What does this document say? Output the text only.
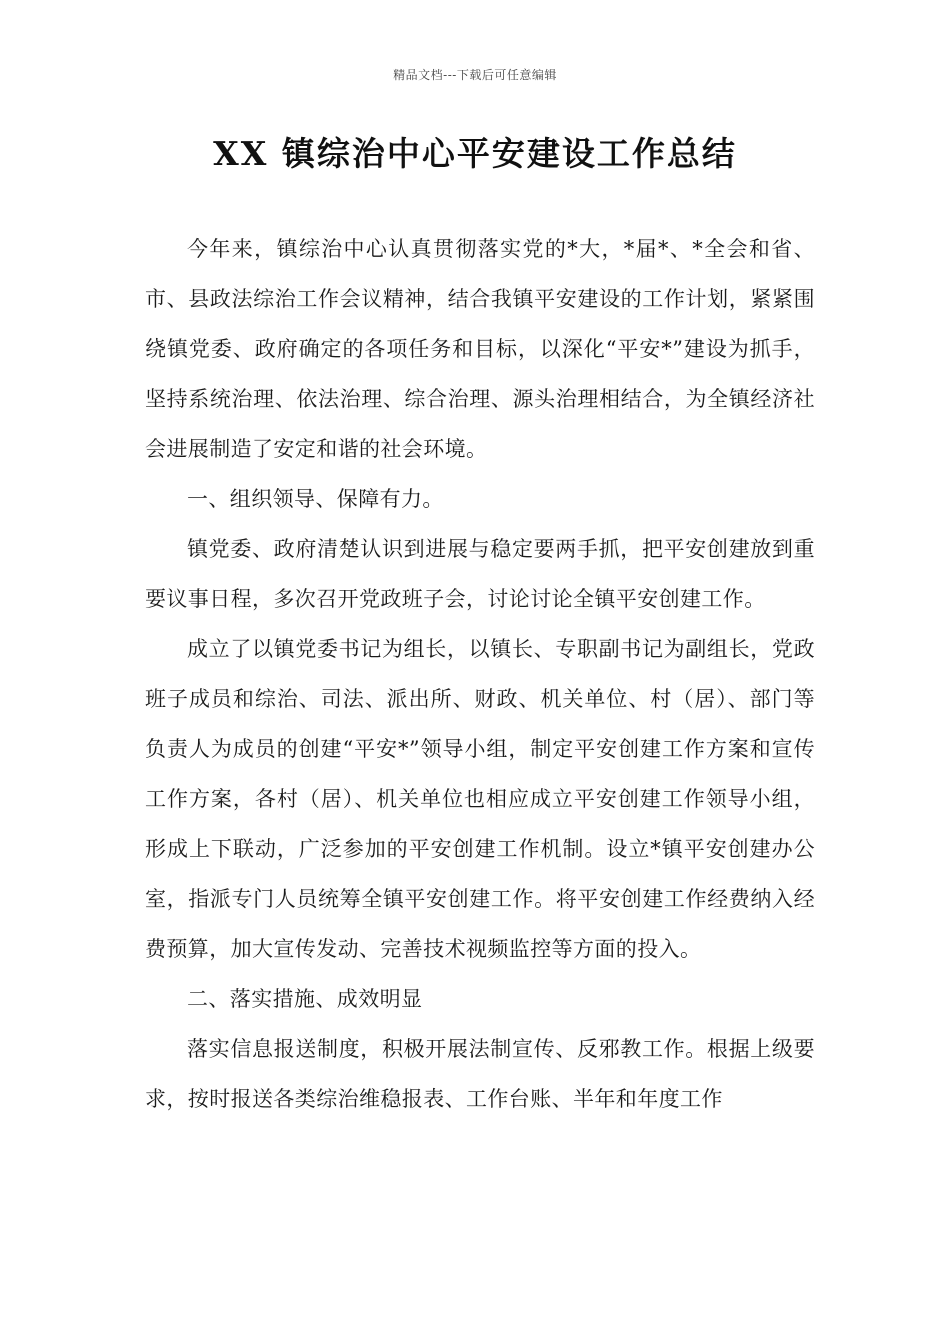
精品文档---下载后可任意编辑
XX 镇综治中心平安建设工作总结

今年来，镇综治中心认真贯彻落实党的*大，*届*、*全会和省、市、县政法综治工作会议精神，结合我镇平安建设的工作计划，紧紧围绕镇党委、政府确定的各项任务和目标，以深化“平安*”建设为抓手，坚持系统治理、依法治理、综合治理、源头治理相结合，为全镇经济社会进展制造了安定和谐的社会环境。

一、组织领导、保障有力。

镇党委、政府清楚认识到进展与稳定要两手抓，把平安创建放到重要议事日程，多次召开党政班子会，讨论讨论全镇平安创建工作。

成立了以镇党委书记为组长，以镇长、专职副书记为副组长，党政班子成员和综治、司法、派出所、财政、机关单位、村（居）、部门等负责人为成员的创建“平安*”领导小组，制定平安创建工作方案和宣传工作方案，各村（居）、机关单位也相应成立平安创建工作领导小组，形成上下联动，广泛参加的平安创建工作机制。设立*镇平安创建办公室，指派专门人员统筹全镇平安创建工作。将平安创建工作经费纳入经费预算，加大宣传发动、完善技术视频监控等方面的投入。

二、落实措施、成效明显

落实信息报送制度，积极开展法制宣传、反邪教工作。根据上级要求，按时报送各类综治维稳报表、工作台账、半年和年度工作
